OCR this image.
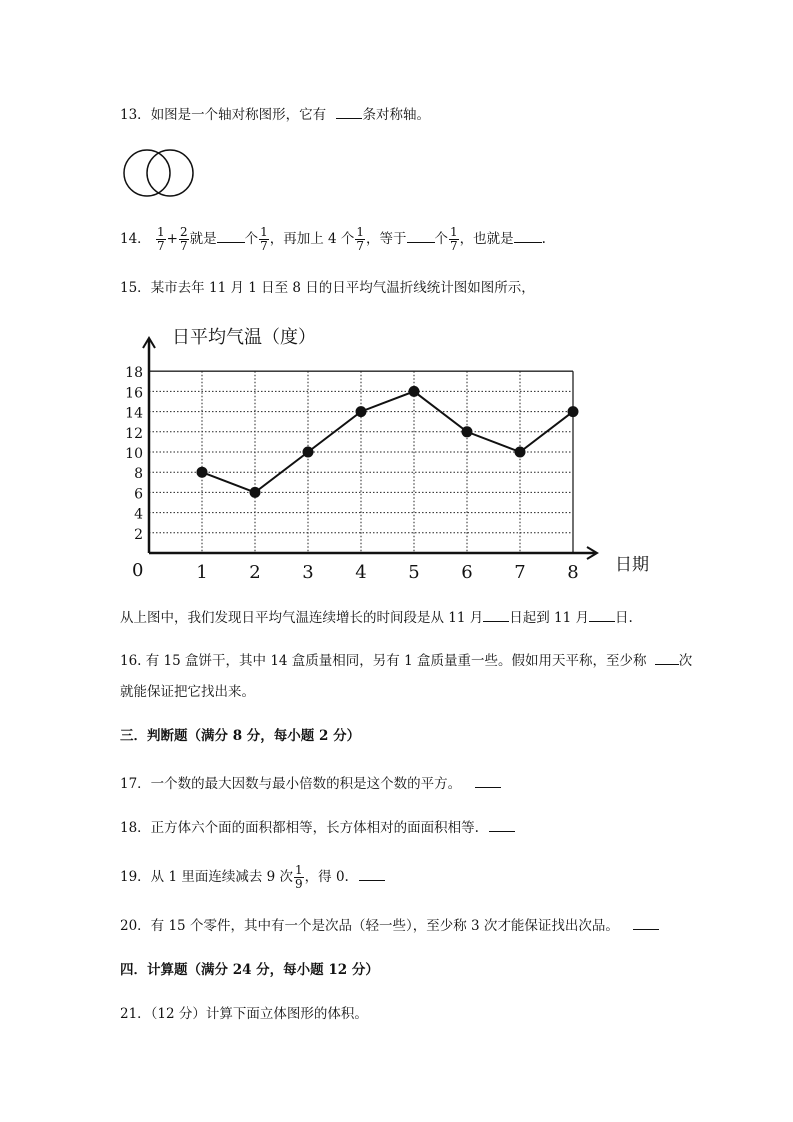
13．如图是一个轴对称图形，它有	条对称轴。
14． $\frac{1}{7} + \frac{2}{7}$ 就是 个 $\frac{1}{7}$ ，再加上 4 个 $\frac{1}{7}$ ，等于 个 $\frac{1}{7}$ ，也就是 .
15．某市去年 11 月 1 日至 8 日的日平均气温折线统计图如图所示，
日平均气温（度）
2
4
6
8
10
12
14
16
18
1 2 3 4 5 6 7 8 日期
0
从上图中，我们发现日平均气温连续增长的时间段是从 11 月 日起到 11 月 日.
16. 有 15 盒饼干，其中 14 盒质量相同，另有 1 盒质量重一些。假如用天平称，至少称 次
就能保证把它找出来。
三．判断题（满分 8 分，每小题 2 分）
17．一个数的最大因数与最小倍数的积是这个数的平方。
18．正方体六个面的面积都相等，长方体相对的面面积相等.
19．从 1 里面连续减去 9 次 $\frac{1}{9}$ ，得 0.
20．有 15 个零件，其中有一个是次品（轻一些），至少称 3 次才能保证找出次品。
四．计算题（满分 24 分，每小题 12 分）
21．（12 分）计算下面立体图形的体积。
